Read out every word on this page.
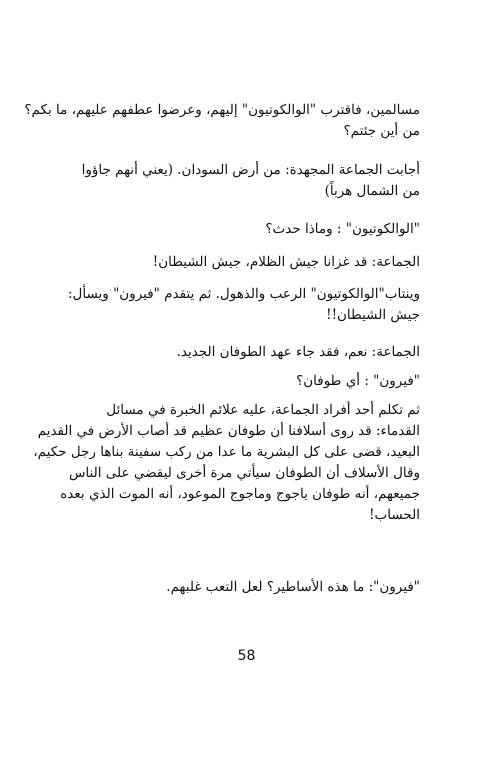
مسالمين، فاقترب "الوالكوتيون" إليهم، وعرضوا عطفهم عليهم، ما بكم؟

من أين جئتم؟

أجابت الجماعة المجهدة: من أرض السودان. (يعني أنهم جاؤوا

من الشمال هرباً)

"الوالكوتيون" : وماذا حدث؟

الجماعة: قد غزانا جيش الظلام، جيش الشيطان!

وينتاب"الوالكوتيون" الرعب والذهول. ثم يتقدم "فيرون" ويسأل:

جيش الشيطان!!

الجماعة: نعم، فقد جاء عهد الطوفان الجديد.

"فيرون" : أي طوفان؟

ثم تكلم أحد أفراد الجماعة، عليه علائم الخبرة في مسائل

القدماء: قد روى أسلافنا أن طوفان عظيم قد أصاب الأرض في القديم

البعيد، قضى على كل البشرية ما عدا من ركب سفينة بناها رجل حكيم،

وقال الأسلاف أن الطوفان سيأتي مرة أخرى ليقضي على الناس

جميعهم، أنه طوفان ياجوج وماجوج الموعود، أنه الموت الذي بعده

الحساب!

"فيرون": ما هذه الأساطير؟ لعل التعب غلبهم.

58
